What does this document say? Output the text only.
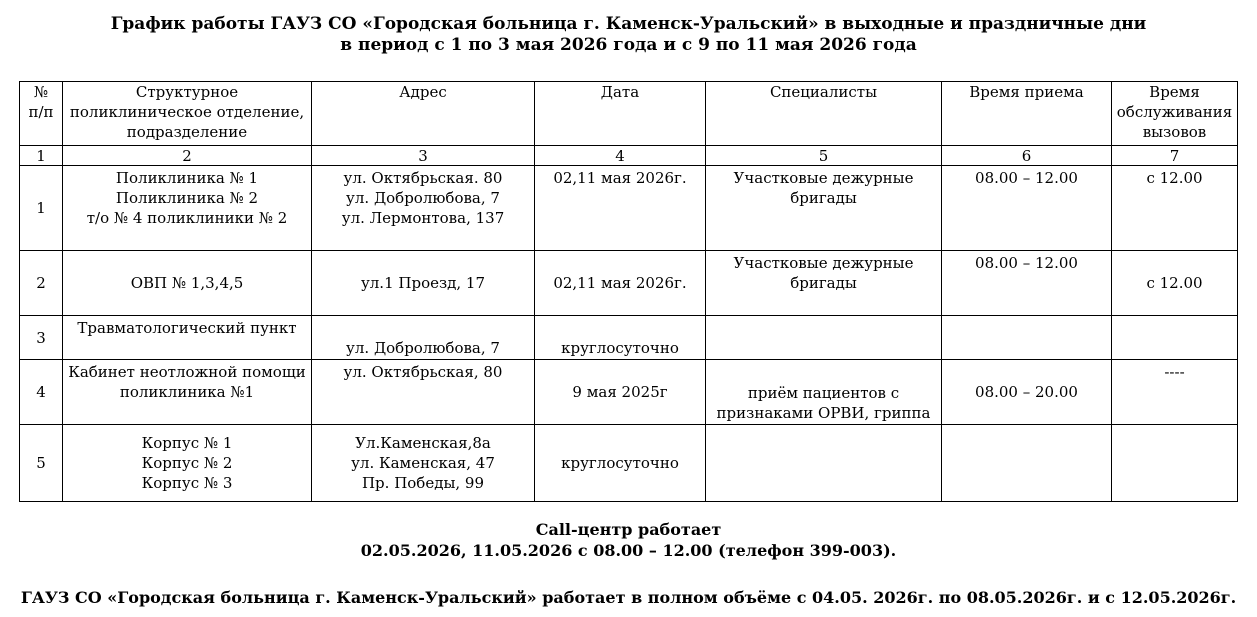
График работы ГАУЗ СО «Городская больница г. Каменск-Уральский» в выходные и праздничные дни
в период с 1 по 3 мая 2026 года и с 9 по 11 мая 2026 года
№
п/п	Структурное
поликлиническое отделение,
подразделение	Адрес	Дата	Специалисты	Время приема	Время
обслуживания
вызовов

1	2	3	4	5	6	7
1	Поликлиника № 1
Поликлиника № 2
т/о № 4 поликлиники № 2	ул. Октябрьская. 80
ул. Добролюбова, 7
ул. Лермонтова, 137	02,11 мая 2026г.	Участковые дежурные
бригады	08.00 – 12.00	с 12.00

2	ОВП № 1,3,4,5	ул.1 Проезд, 17	02,11 мая 2026г.	Участковые дежурные
бригады	08.00 – 12.00	с 12.00

3	Травматологический пункт	ул. Добролюбова, 7	круглосуточно			

4	Кабинет неотложной помощи
поликлиника №1	ул. Октябрьская, 80	9 мая 2025г	приём пациентов с
признаками ОРВИ, гриппа	08.00 – 20.00	----

5	Корпус № 1
Корпус № 2
Корпус № 3	Ул.Каменская,8а
ул. Каменская, 47
Пр. Победы, 99	круглосуточно			

Call-центр работает
02.05.2026, 11.05.2026 с 08.00 – 12.00 (телефон 399-003).
ГАУЗ СО «Городская больница г. Каменск-Уральский» работает в полном объёме с 04.05. 2026г. по 08.05.2026г. и с 12.05.2026г.
